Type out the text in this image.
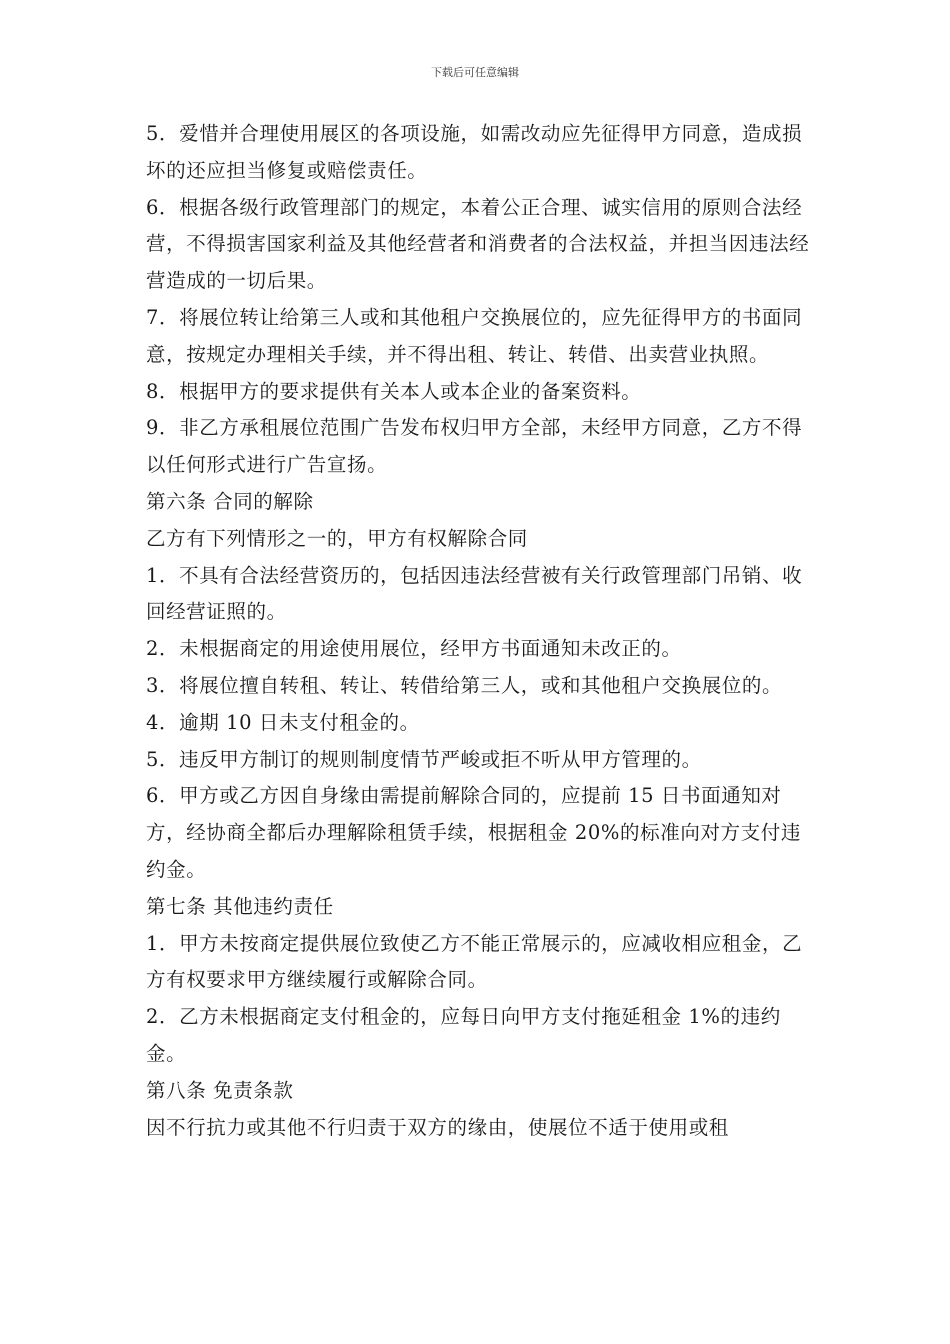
下载后可任意编辑

5．爱惜并合理使用展区的各项设施，如需改动应先征得甲方同意，造成损坏的还应担当修复或赔偿责任。

6．根据各级行政管理部门的规定，本着公正合理、诚实信用的原则合法经营，不得损害国家利益及其他经营者和消费者的合法权益，并担当因违法经营造成的一切后果。

7．将展位转让给第三人或和其他租户交换展位的，应先征得甲方的书面同意，按规定办理相关手续，并不得出租、转让、转借、出卖营业执照。

8．根据甲方的要求提供有关本人或本企业的备案资料。

9．非乙方承租展位范围广告发布权归甲方全部，未经甲方同意，乙方不得以任何形式进行广告宣扬。

第六条 合同的解除

乙方有下列情形之一的，甲方有权解除合同

1．不具有合法经营资历的，包括因违法经营被有关行政管理部门吊销、收回经营证照的。

2．未根据商定的用途使用展位，经甲方书面通知未改正的。

3．将展位擅自转租、转让、转借给第三人，或和其他租户交换展位的。

4．逾期 10 日未支付租金的。

5．违反甲方制订的规则制度情节严峻或拒不听从甲方管理的。

6．甲方或乙方因自身缘由需提前解除合同的，应提前 15 日书面通知对方，经协商全都后办理解除租赁手续，根据租金 20%的标准向对方支付违约金。

第七条 其他违约责任

1．甲方未按商定提供展位致使乙方不能正常展示的，应减收相应租金，乙方有权要求甲方继续履行或解除合同。

2．乙方未根据商定支付租金的，应每日向甲方支付拖延租金 1%的违约金。

第八条 免责条款

因不行抗力或其他不行归责于双方的缘由，使展位不适于使用或租
